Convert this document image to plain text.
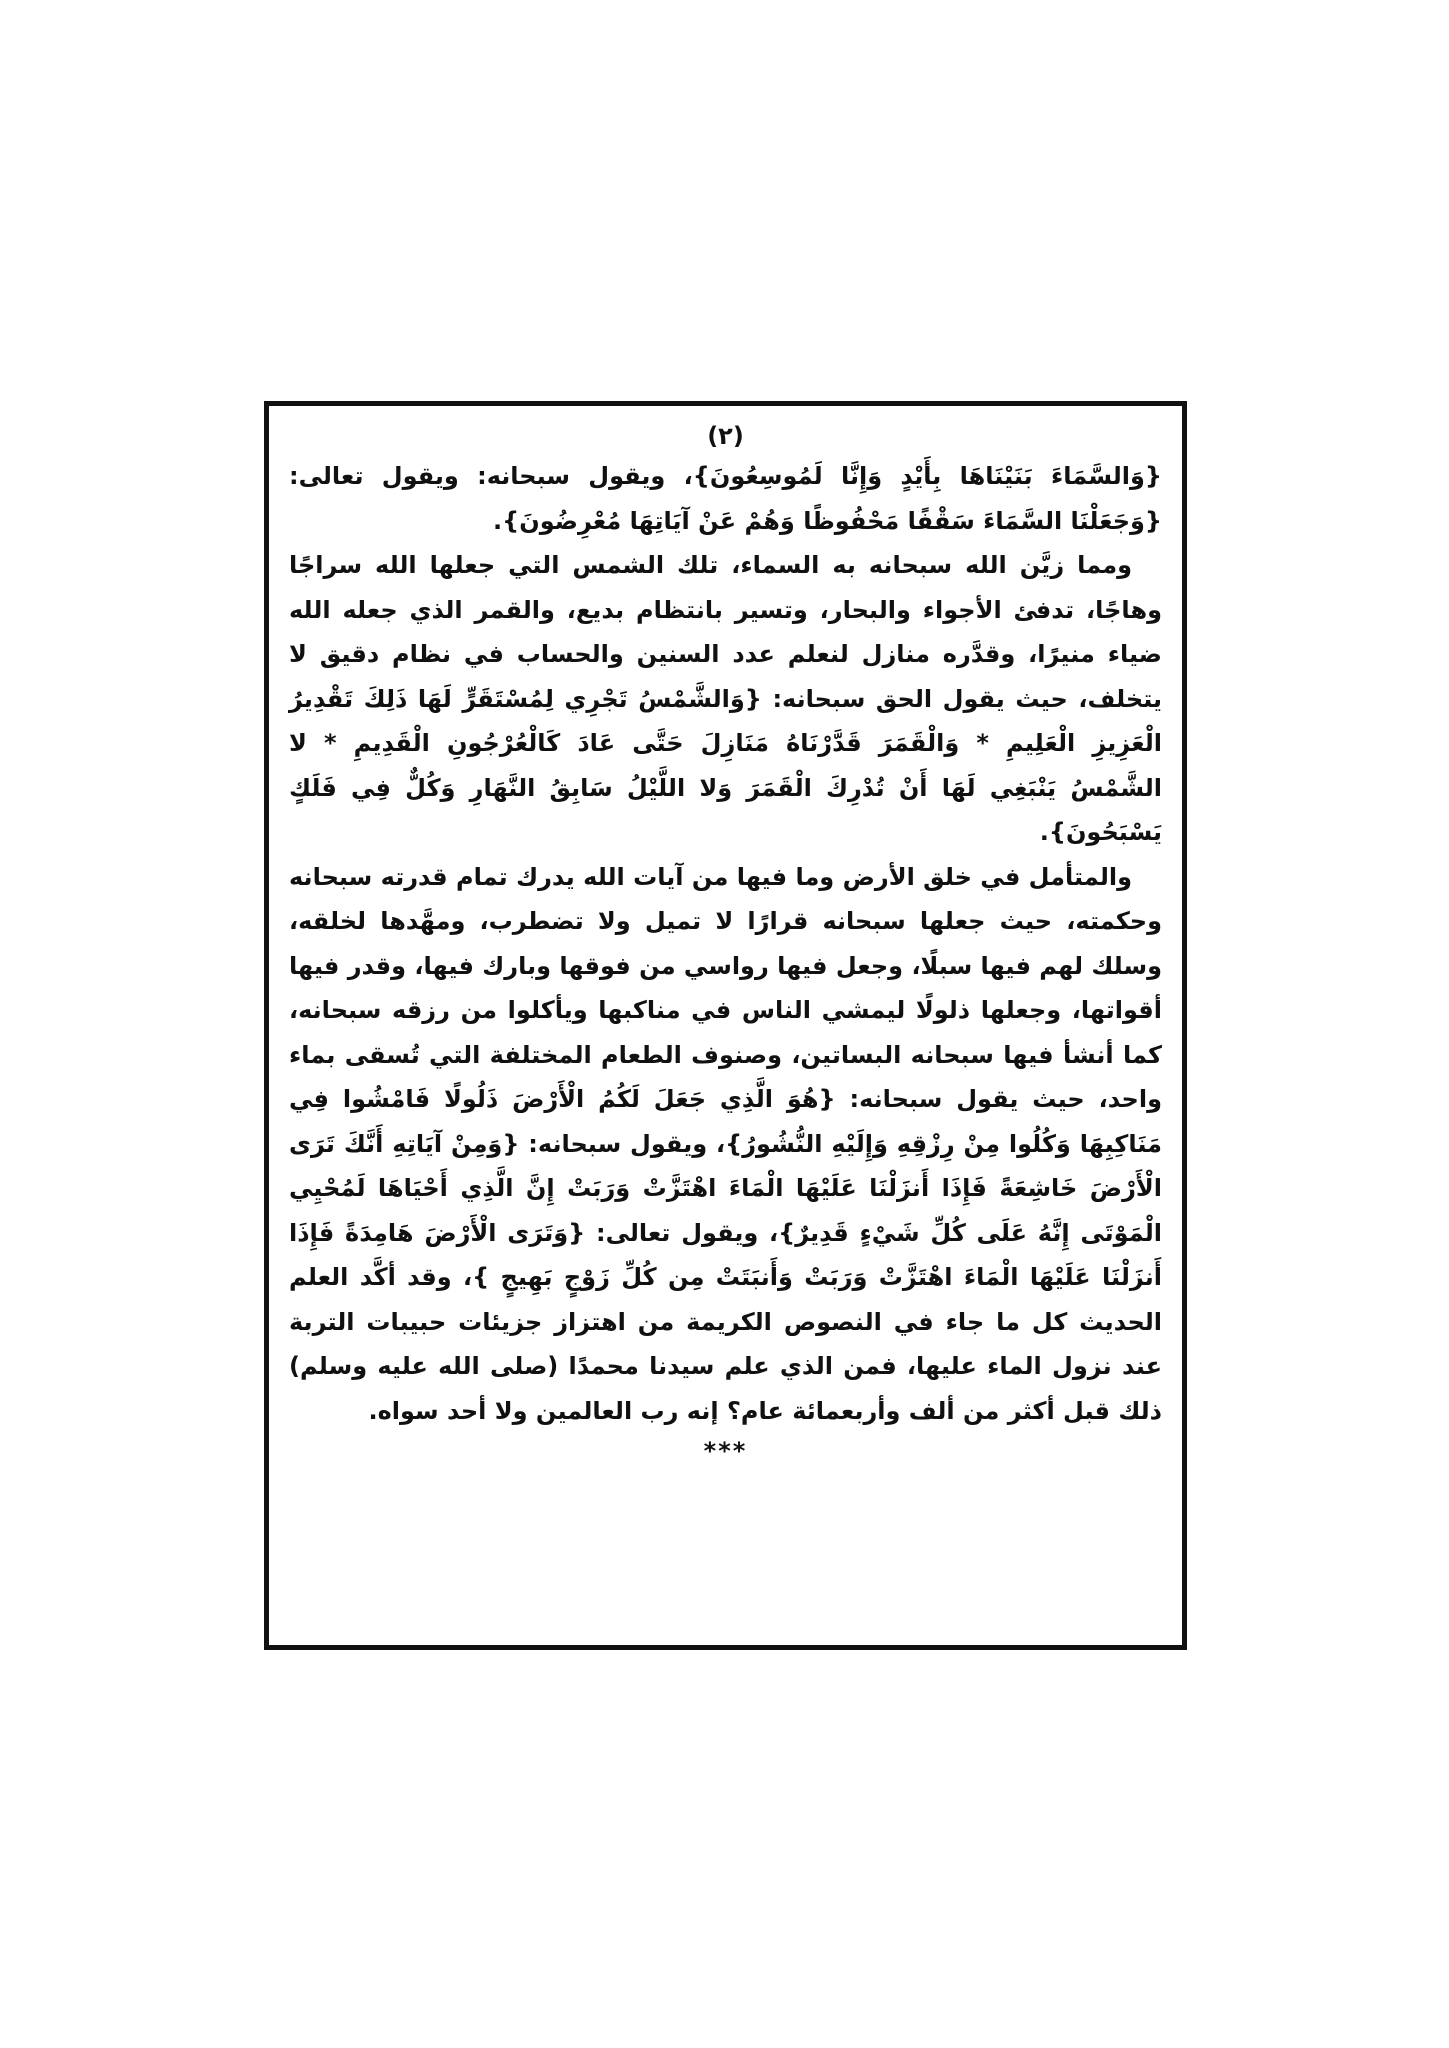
(٢)

{وَالسَّمَاءَ بَنَيْنَاهَا بِأَيْدٍ وَإِنَّا لَمُوسِعُونَ}، ويقول سبحانه: ويقول تعالى: {وَجَعَلْنَا السَّمَاءَ سَقْفًا مَحْفُوظًا وَهُمْ عَنْ آيَاتِهَا مُعْرِضُونَ}.

ومما زيَّن الله سبحانه به السماء، تلك الشمس التي جعلها الله سراجًا وهاجًا، تدفئ الأجواء والبحار، وتسير بانتظام بديع، والقمر الذي جعله الله ضياء منيرًا، وقدَّره منازل لنعلم عدد السنين والحساب في نظام دقيق لا يتخلف، حيث يقول الحق سبحانه: {وَالشَّمْسُ تَجْرِي لِمُسْتَقَرٍّ لَهَا ذَلِكَ تَقْدِيرُ الْعَزِيزِ الْعَلِيمِ * وَالْقَمَرَ قَدَّرْنَاهُ مَنَازِلَ حَتَّى عَادَ كَالْعُرْجُونِ الْقَدِيمِ * لا الشَّمْسُ يَنْبَغِي لَهَا أَنْ تُدْرِكَ الْقَمَرَ وَلا اللَّيْلُ سَابِقُ النَّهَارِ وَكُلٌّ فِي فَلَكٍ يَسْبَحُونَ}.

والمتأمل في خلق الأرض وما فيها من آيات الله يدرك تمام قدرته سبحانه وحكمته، حيث جعلها سبحانه قرارًا لا تميل ولا تضطرب، ومهَّدها لخلقه، وسلك لهم فيها سبلًا، وجعل فيها رواسي من فوقها وبارك فيها، وقدر فيها أقواتها، وجعلها ذلولًا ليمشي الناس في مناكبها ويأكلوا من رزقه سبحانه، كما أنشأ فيها سبحانه البساتين، وصنوف الطعام المختلفة التي تُسقى بماء واحد، حيث يقول سبحانه: {هُوَ الَّذِي جَعَلَ لَكُمُ الْأَرْضَ ذَلُولًا فَامْشُوا فِي مَنَاكِبِهَا وَكُلُوا مِنْ رِزْقِهِ وَإِلَيْهِ النُّشُورُ}، ويقول سبحانه: {وَمِنْ آيَاتِهِ أَنَّكَ تَرَى الْأَرْضَ خَاشِعَةً فَإِذَا أَنزَلْنَا عَلَيْهَا الْمَاءَ اهْتَزَّتْ وَرَبَتْ إِنَّ الَّذِي أَحْيَاهَا لَمُحْيِي الْمَوْتَى إِنَّهُ عَلَى كُلِّ شَيْءٍ قَدِيرٌ}، ويقول تعالى: {وَتَرَى الْأَرْضَ هَامِدَةً فَإِذَا أَنزَلْنَا عَلَيْهَا الْمَاءَ اهْتَزَّتْ وَرَبَتْ وَأَنبَتَتْ مِن كُلِّ زَوْجٍ بَهِيجٍ }، وقد أكَّد العلم الحديث كل ما جاء في النصوص الكريمة من اهتزاز جزيئات حبيبات التربة عند نزول الماء عليها، فمن الذي علم سيدنا محمدًا (صلى الله عليه وسلم) ذلك قبل أكثر من ألف وأربعمائة عام؟ إنه رب العالمين ولا أحد سواه.

***
